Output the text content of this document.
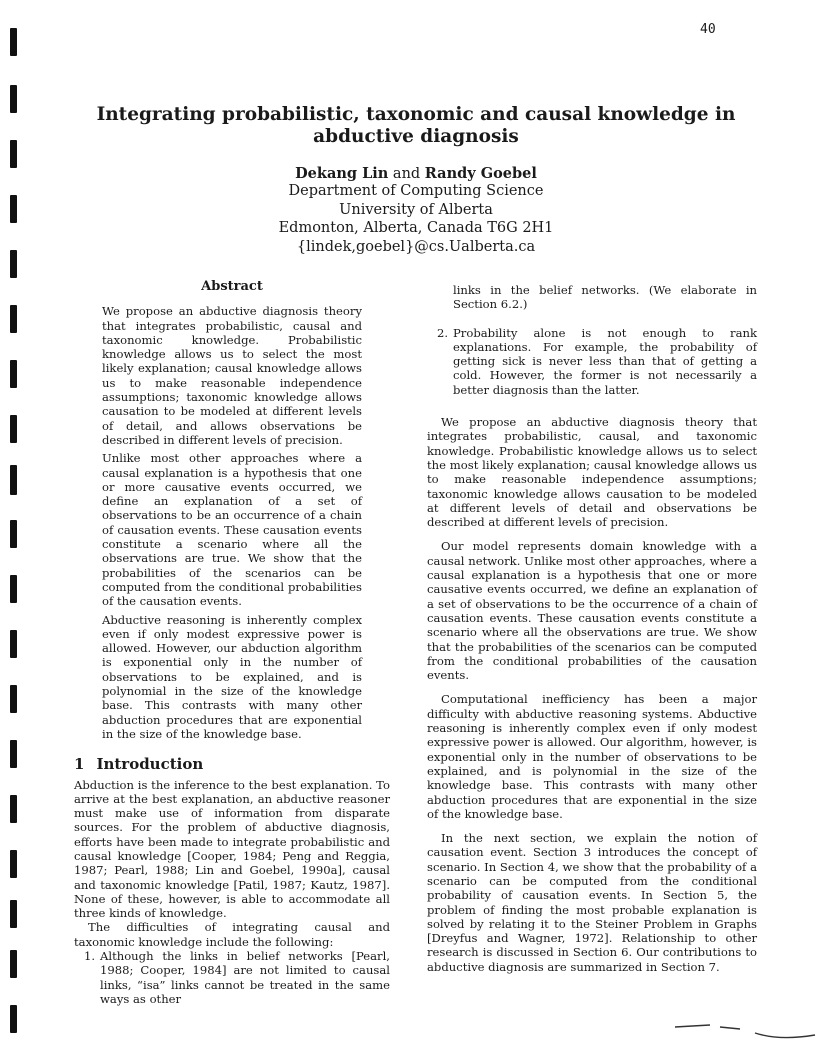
40
Integrating probabilistic, taxonomic and causal knowledge in abductive diagnosis
Dekang Lin and Randy Goebel
Department of Computing Science
University of Alberta
Edmonton, Alberta, Canada T6G 2H1
{lindek,goebel}@cs.Ualberta.ca
Abstract

We propose an abductive diagnosis theory that integrates probabilistic, causal and taxonomic knowledge. Probabilistic knowledge allows us to select the most likely explanation; causal knowledge allows us to make reasonable independence assumptions; taxonomic knowledge allows causation to be modeled at different levels of detail, and allows observations be described in different levels of precision.

Unlike most other approaches where a causal explanation is a hypothesis that one or more causative events occurred, we define an explanation of a set of observations to be an occurrence of a chain of causation events. These causation events constitute a scenario where all the observations are true. We show that the probabilities of the scenarios can be computed from the conditional probabilities of the causation events.

Abductive reasoning is inherently complex even if only modest expressive power is allowed. However, our abduction algorithm is exponential only in the number of observations to be explained, and is polynomial in the size of the knowledge base. This contrasts with many other abduction procedures that are exponential in the size of the knowledge base.

1 Introduction

Abduction is the inference to the best explanation. To arrive at the best explanation, an abductive reasoner must make use of information from disparate sources. For the problem of abductive diagnosis, efforts have been made to integrate probabilistic and causal knowledge [Cooper, 1984; Peng and Reggia, 1987; Pearl, 1988; Lin and Goebel, 1990a], causal and taxonomic knowledge [Patil, 1987; Kautz, 1987]. None of these, however, is able to accommodate all three kinds of knowledge.

The difficulties of integrating causal and taxonomic knowledge include the following:

1. Although the links in belief networks [Pearl, 1988; Cooper, 1984] are not limited to causal links, “isa” links cannot be treated in the same ways as other

links in the belief networks. (We elaborate in Section 6.2.)

2. Probability alone is not enough to rank explanations. For example, the probability of getting sick is never less than that of getting a cold. However, the former is not necessarily a better diagnosis than the latter.

We propose an abductive diagnosis theory that integrates probabilistic, causal, and taxonomic knowledge. Probabilistic knowledge allows us to select the most likely explanation; causal knowledge allows us to make reasonable independence assumptions; taxonomic knowledge allows causation to be modeled at different levels of detail and observations be described at different levels of precision.

Our model represents domain knowledge with a causal network. Unlike most other approaches, where a causal explanation is a hypothesis that one or more causative events occurred, we define an explanation of a set of observations to be the occurrence of a chain of causation events. These causation events constitute a scenario where all the observations are true. We show that the probabilities of the scenarios can be computed from the conditional probabilities of the causation events.

Computational inefficiency has been a major difficulty with abductive reasoning systems. Abductive reasoning is inherently complex even if only modest expressive power is allowed. Our algorithm, however, is exponential only in the number of observations to be explained, and is polynomial in the size of the knowledge base. This contrasts with many other abduction procedures that are exponential in the size of the knowledge base.

In the next section, we explain the notion of causation event. Section 3 introduces the concept of scenario. In Section 4, we show that the probability of a scenario can be computed from the conditional probability of causation events. In Section 5, the problem of finding the most probable explanation is solved by relating it to the Steiner Problem in Graphs [Dreyfus and Wagner, 1972]. Relationship to other research is discussed in Section 6. Our contributions to abductive diagnosis are summarized in Section 7.
